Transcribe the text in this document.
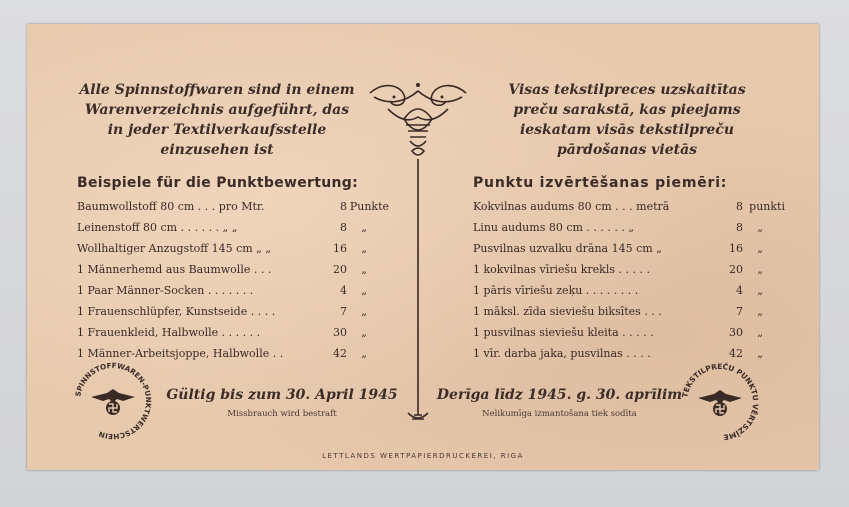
Alle Spinnstoffwaren sind in einem
Warenverzeichnis aufgeführt, das
in jeder Textilverkaufsstelle
einzusehen ist
Visas tekstilpreces uzskaitītas
preču sarakstā, kas pieejams
ieskatam visās tekstilpreču
pārdošanas vietās
Beispiele für die Punktbewertung:	Punktu izvērtēšanas piemēri:
Baumwollstoff 80 cm . . . pro Mtr.	8 Punkte
Leinenstoff 80 cm . . . . . . „ „	8 „
Wollhaltiger Anzugstoff 145 cm „ „	16 „
1 Männerhemd aus Baumwolle . . .	20 „
1 Paar Männer-Socken . . . . . . .	4 „
1 Frauenschlüpfer, Kunstseide . . . .	7 „
1 Frauenkleid, Halbwolle . . . . . .	30 „
1 Männer-Arbeitsjoppe, Halbwolle . .	42 „
Kokvilnas audums 80 cm . . . metrā	8 punkti
Linu audums 80 cm . . . . . . „	8 „
Pusvilnas uzvalku drāna 145 cm „	16 „
1 kokvilnas vīriešu krekls . . . . .	20 „
1 pāris vīriešu zeķu . . . . . . . .	4 „
1 māksl. zīda sieviešu biksītes . . .	7 „
1 pusvilnas sieviešu kleita . . . . .	30 „
1 vīr. darba jaka, pusvilnas . . . .	42 „
Gültig bis zum 30. April 1945
Missbrauch wird bestraft
Derīga līdz 1945. g. 30. aprīlim
Nelikumīga izmantošana tiek sodīta
SPINNSTOFFWAREN-PUNKTWERTSCHEIN
TEKSTILPREČU PUNKTU VĒRTSZĪME
LETTLANDS WERTPAPIERDRUCKEREI, RIGA
